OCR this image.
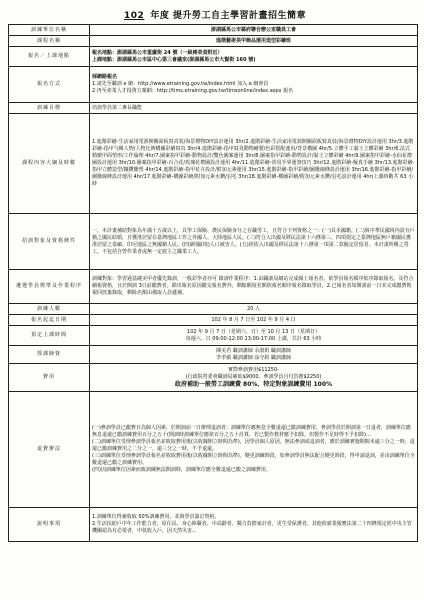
102 年度 提升勞工自主學習計畫招生簡章
訓練單位名稱	澎湖縣馬公市縣府聯合辦公室職員工會
課程名稱	進階藝術美甲飾品運用造型彩繪班
報名／上課地點	報名地點：澎湖縣馬公市重慶街 24 號（一級棒美食附近）
上課地點：澎湖縣馬公市區中心第三會議室(澎湖縣馬公市大賢街 160 號)

報名方式	採網路報名
1.請先至職訓 e 網：http://www.etraining.gov.tw/index.html 加入 e 網會員
2.再至產業人才投資方案網：http://tims.etraining.gov.tw/timsonline/index.aspx 報名

訓練目標	培訓學員第二專長職能
課程內容大綱及時數	1.進階彩繪-生活家用電源開關面板寫真裝/海景禮物DIY設計運用 3hr/2.進階彩繪-生活家用電源開關面板寫真裝/海景禮物DIY設計運用 3hr/3.進階彩繪-指甲勻稱人物/人物比例構圖彩繪寫真 3hr/4.進階彩繪-指甲寫真動物繪製/色彩搭配運用/背景構圖 4hr/5.立體手工黏土立體彩繪 3hr/6.法式精緻甲面塑形/工作倫理 4hr/7.圖案指甲彩繪-動物設計/雙色圖案運用 3hr/8.圖案指甲彩繪-動物設計/黏土立體彩繪 4hr/9.圖案指甲彩繪-水仙花禮圖設計運用 3hr/10.圖案指甲彩繪-百合花/玫瑰花禮圖設計運用 4hr/11.進階彩繪-常用手掌運筆技巧 3hr/12.進階彩繪-擬真手繪 3hr/13.進階彩繪-指甲立體造型/鑲鑽雕塑 4hr/14.進階彩繪-指甲花卉設計/附加元素運用 3hr/15.進階彩繪-指甲彩繪/圖騰線條設計運用 3hr/16.進階彩繪-指甲彩繪/圖騰線條設計運用 4hr/17.進階彩繪-構圖彩繪/附加元素水鑽/羽毛 3hr/18.進階彩繪-構圖彩繪/附加元素水鑽/羽毛設計運用 4hr(上課時數共 63 小時
招訓對象及資格條件	一、本計畫補助對象為年滿十五歲以上，具學工保險、農民保險身分之在職勞工，且符合下列資格之一：(一)具本國籍。(二)與中華民國境內設有戶籍之國民結婚，且獲准居留在臺灣地區工作之外國人、大陸地區人民。(三)符合入出國及移民法第十六條第三、四項規定之臺灣地區無戶籍國民獲准居留之泰緬、印尼地區之無國籍人民。(四)跨國(境)人口被害人。(五)經依入出國及移民法第十八條第一項第二款擬定居留者。本計畫所稱之勞工，不包括自營作業者或無一定雇主之職業工人。
遴選學員標準及作業程序	訓練對象：學習過基礎美甲者優先錄訓，一般彩學者亦可 錄訓作業程序：1.由職訓局網站完成線上報名者，依學員報名順序依序錄取報名。及符合續報資格，且於開訓 3日前繳費者。除出報名原因繳交報名費外，剩餘額度名額依報名順序報名錄取學員。2.已報名者如開訓前一日未完成繳費則視同放棄錄取，剩餘名額由備取人員遞補。
訓練人數	20 人
報名起迄日期	102 年 8 月 7 日至 102 年 9 月 4 日
預定上課時間	102 年 9 月 7 日（星期六、日）至 10 月 13 日（星期日）
每週六、日 09:00-12:00 13:00-17:00 上課，共計 63 小時

授課師資	陳美君 職訓講師 余淑娟 職訓講師
李孝蘋 職訓講師 涂守鈞 職訓講師

費用	實際參訓費用$11250-
(行政院勞委會職訓局補助$9000、參訓學員自付負擔$2250)
政府補助一般勞工訓練費 80%、特定對象訓練費用 100%

退費辦法	(一)參訓學員已繳費且為個人因素，於開訓前一日辦理退訓者：訓練單位應無息全數退還已繳訓練費用。參訓學員於開訓第一日退者，訓練單位應無息退還已繳訓練費用百分之五十(開訓時訓練單位應依百分之五十計算，若已製作教材應予扣除。但製作不足時得不予扣除)...
(二)訓練單位受理參訓學員報名並收取費用後(以收據開立時間為準)，因學員個人原因，無法參訓或退訓者，應於訓練實施期間未逾三分之一時，退還已繳訓練費用之二分之一，逾三分之一時，不予退還。
(三)訓練單位受理參訓學員報名並收取費用後(以收據開立時間為準)，變更訓練時段，如參訓學員無法配合變更時段，得申請退訓，並由訓練單位全數退還已繳之訓練費用。
(四)因訓練單位因素而致訓練無法開訓時，訓練單位應全數退還已繳之訓練費用。

說明事項	1.訓練單位得兼收取 50%訓練費用，並與學員簽訂契約。
2.生活扶助戶中年工作能力者，原住民、身心障礙者、中高齡者、獨力負擔家計者，更生受保護者、其他依就業服務法第二十四條規定經中央主管機關認為有必要者，中低收入戶，因天然災害...
